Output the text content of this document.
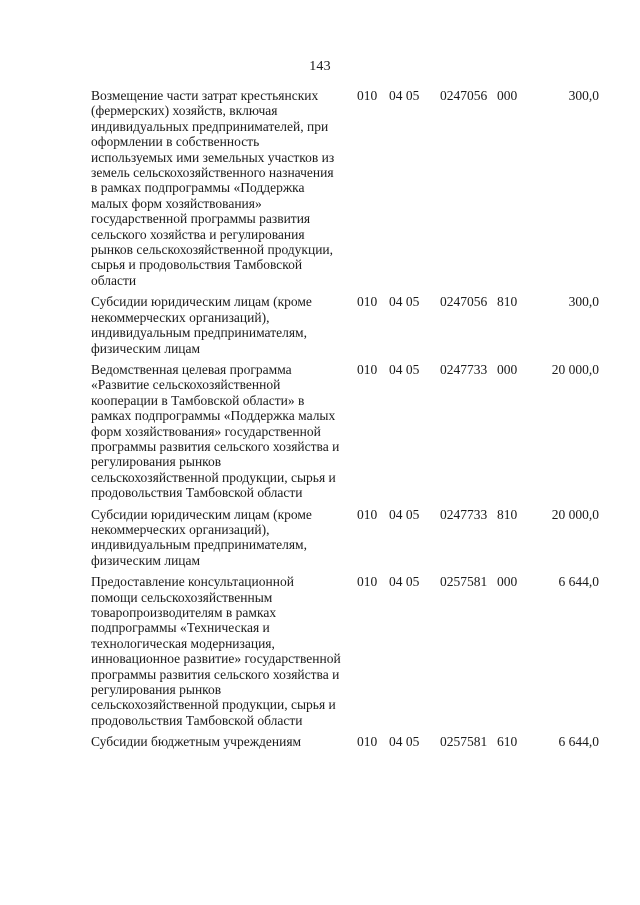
143
Возмещение части затрат крестьянских
(фермерских) хозяйств, включая
индивидуальных предпринимателей, при
оформлении в собственность
используемых ими земельных участков из
земель сельскохозяйственного назначения
в рамках подпрограммы «Поддержка
малых форм хозяйствования»
государственной программы развития
сельского хозяйства и регулирования
рынков сельскохозяйственной продукции,
сырья и продовольствия Тамбовской
области
010 04 05 0247056 000	300,0
Субсидии юридическим лицам (кроме
некоммерческих организаций),
индивидуальным предпринимателям,
физическим лицам
010 04 05 0247056 810	300,0
Ведомственная целевая программа
«Развитие сельскохозяйственной
кооперации в Тамбовской области» в
рамках подпрограммы «Поддержка малых
форм хозяйствования» государственной
программы развития сельского хозяйства и
регулирования рынков
сельскохозяйственной продукции, сырья и
продовольствия Тамбовской области
010 04 05 0247733 000	20 000,0
Субсидии юридическим лицам (кроме
некоммерческих организаций),
индивидуальным предпринимателям,
физическим лицам
010 04 05 0247733 810	20 000,0
Предоставление консультационной
помощи сельскохозяйственным
товаропроизводителям в рамках
подпрограммы «Техническая и
технологическая модернизация,
инновационное развитие» государственной
программы развития сельского хозяйства и
регулирования рынков
сельскохозяйственной продукции, сырья и
продовольствия Тамбовской области
010 04 05 0257581 000	6 644,0
Субсидии бюджетным учреждениям	010 04 05 0257581 610	6 644,0
